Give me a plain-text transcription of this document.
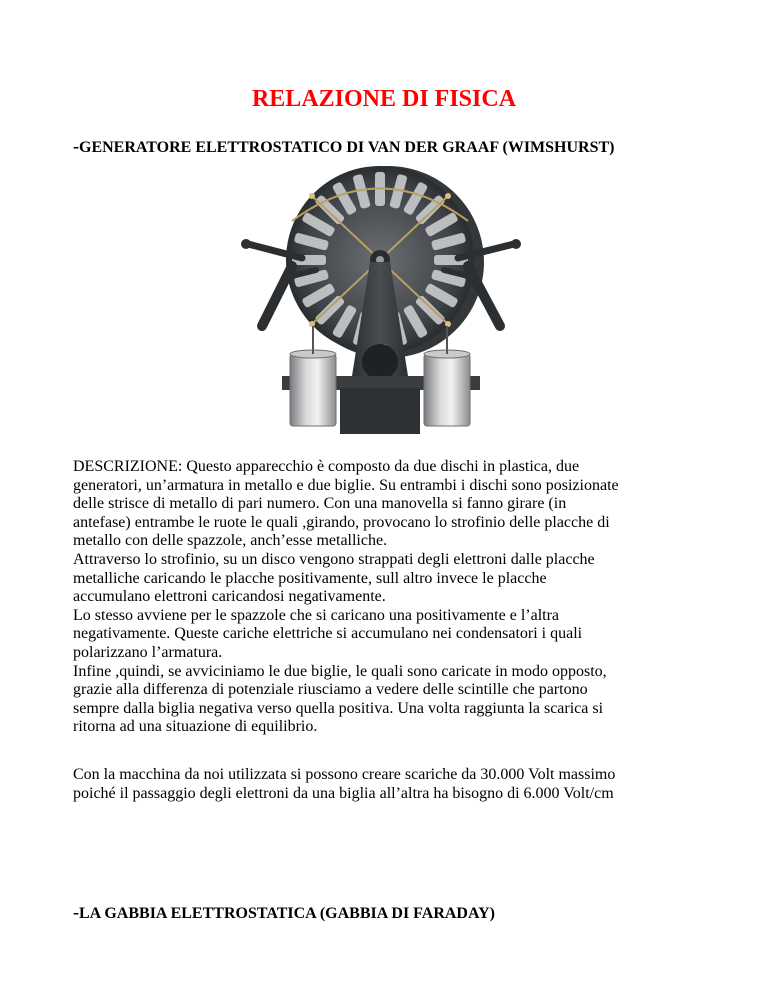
RELAZIONE DI FISICA
-GENERATORE ELETTROSTATICO DI VAN DER GRAAF (WIMSHURST)
DESCRIZIONE: Questo apparecchio è composto da due dischi in plastica, due
generatori, un’armatura in metallo e due biglie. Su entrambi i dischi sono posizionate
delle strisce di metallo di pari numero. Con una manovella si fanno girare (in
antefase) entrambe le ruote le quali ,girando, provocano lo strofinio delle placche di
metallo con delle spazzole, anch’esse metalliche.
Attraverso lo strofinio, su un disco vengono strappati degli elettroni dalle placche
metalliche caricando le placche positivamente, sull altro invece le placche
accumulano elettroni caricandosi negativamente.
Lo stesso avviene per le spazzole che si caricano una positivamente e l’altra
negativamente. Queste cariche elettriche si accumulano nei condensatori i quali
polarizzano l’armatura.
Infine ,quindi, se avviciniamo le due biglie, le quali sono caricate in modo opposto,
grazie alla differenza di potenziale riusciamo a vedere delle scintille che partono
sempre dalla biglia negativa verso quella positiva. Una volta raggiunta la scarica si
ritorna ad una situazione di equilibrio.
Con la macchina da noi utilizzata si possono creare scariche da 30.000 Volt massimo
poiché il passaggio degli elettroni da una biglia all’altra ha bisogno di 6.000 Volt/cm
-LA GABBIA ELETTROSTATICA (GABBIA DI FARADAY)
